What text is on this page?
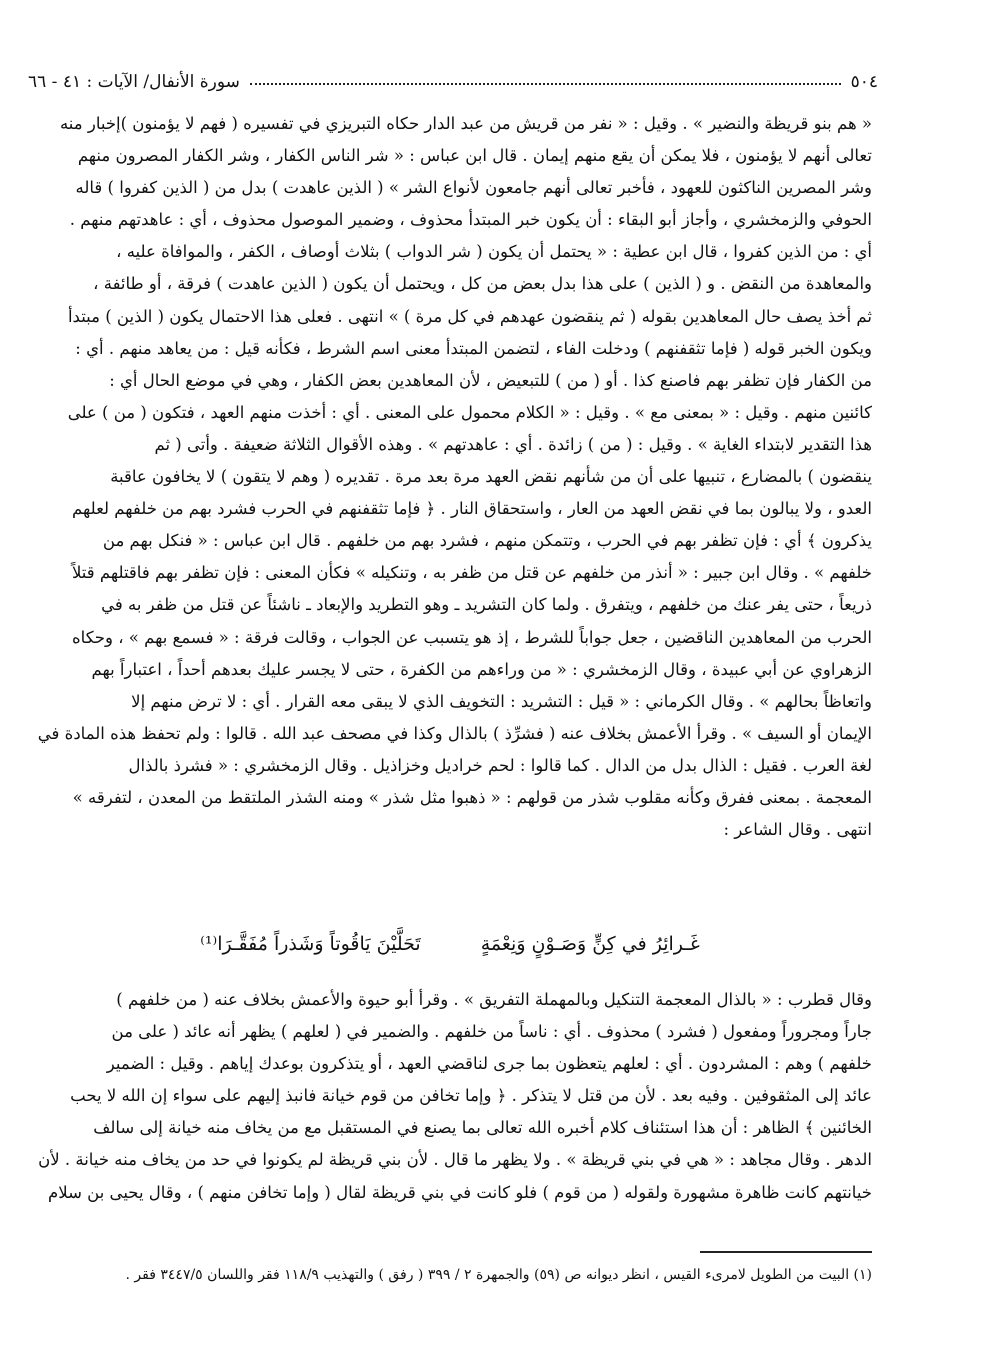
٥٠٤
سورة الأنفال/ الآيات : ٤١ - ٦٦
« هم بنو قريظة والنضير » . وقيل : « نفر من قريش من عبد الدار حكاه التبريزي في تفسيره ( فهم لا يؤمنون )إخبار منه
تعالى أنهم لا يؤمنون ، فلا يمكن أن يقع منهم إيمان . قال ابن عباس : « شر الناس الكفار ، وشر الكفار المصرون منهم
وشر المصرين الناكثون للعهود ، فأخبر تعالى أنهم جامعون لأنواع الشر » ( الذين عاهدت ) بدل من ( الذين كفروا ) قاله
الحوفي والزمخشري ، وأجاز أبو البقاء : أن يكون خبر المبتدأ محذوف ، وضمير الموصول محذوف ، أي : عاهدتهم منهم .
أي : من الذين كفروا ، قال ابن عطية : « يحتمل أن يكون ( شر الدواب ) بثلاث أوصاف ، الكفر ، والموافاة عليه ،
والمعاهدة من النقض . و ( الذين ) على هذا بدل بعض من كل ، ويحتمل أن يكون ( الذين عاهدت ) فرقة ، أو طائفة ،
ثم أخذ يصف حال المعاهدين بقوله ( ثم ينقضون عهدهم في كل مرة ) » انتهى . فعلى هذا الاحتمال يكون ( الذين ) مبتدأ
ويكون الخبر قوله ( فإما تثقفنهم ) ودخلت الفاء ، لتضمن المبتدأ معنى اسم الشرط ، فكأنه قيل : من يعاهد منهم . أي :
من الكفار فإن تظفر بهم فاصنع كذا . أو ( من ) للتبعيض ، لأن المعاهدين بعض الكفار ، وهي في موضع الحال أي :
كائنين منهم . وقيل : « بمعنى مع » . وقيل : « الكلام محمول على المعنى . أي : أخذت منهم العهد ، فتكون ( من ) على
هذا التقدير لابتداء الغاية » . وقيل : ( من ) زائدة . أي : عاهدتهم » . وهذه الأقوال الثلاثة ضعيفة . وأتى ( ثم
ينقضون ) بالمضارع ، تنبيها على أن من شأنهم نقض العهد مرة بعد مرة . تقديره ( وهم لا يتقون ) لا يخافون عاقبة
العدو ، ولا يبالون بما في نقض العهد من العار ، واستحقاق النار . ﴿ فإما تثقفنهم في الحرب فشرد بهم من خلفهم لعلهم
يذكرون ﴾ أي : فإن تظفر بهم في الحرب ، وتتمكن منهم ، فشرد بهم من خلفهم . قال ابن عباس : « فنكل بهم من
خلفهم » . وقال ابن جبير : « أنذر من خلفهم عن قتل من ظفر به ، وتنكيله » فكأن المعنى : فإن تظفر بهم فاقتلهم قتلاً
ذريعاً ، حتى يفر عنك من خلفهم ، ويتفرق . ولما كان التشريد ـ وهو التطريد والإبعاد ـ ناشئاً عن قتل من ظفر به في
الحرب من المعاهدين الناقضين ، جعل جواباً للشرط ، إذ هو يتسبب عن الجواب ، وقالت فرقة : « فسمع بهم » ، وحكاه
الزهراوي عن أبي عبيدة ، وقال الزمخشري : « من وراءهم من الكفرة ، حتى لا يجسر عليك بعدهم أحداً ، اعتباراً بهم
واتعاظاً بحالهم » . وقال الكرماني : « قيل : التشريد : التخويف الذي لا يبقى معه القرار . أي : لا ترض منهم إلا
الإيمان أو السيف » . وقرأ الأعمش بخلاف عنه ( فشرِّذ ) بالذال وكذا في مصحف عبد الله . قالوا : ولم تحفظ هذه المادة في
لغة العرب . فقيل : الذال بدل من الدال . كما قالوا : لحم خراديل وخزاذيل . وقال الزمخشري : « فشرذ بالذال
المعجمة . بمعنى ففرق وكأنه مقلوب شذر من قولهم : « ذهبوا مثل شذر » ومنه الشذر الملتقط من المعدن ، لتفرقه »
انتهى . وقال الشاعر :
غَـرائِرُ في كِنٍّ وَصَـوْنٍ وَنِعْمَةٍ
تَحَلَّيْنَ يَاقُوتاً وَشَذراً مُفَقَّـرَا⁽¹⁾
وقال قطرب : « بالذال المعجمة التنكيل وبالمهملة التفريق » . وقرأ أبو حيوة والأعمش بخلاف عنه ( من خلفهم )
جاراً ومجروراً ومفعول ( فشرد ) محذوف . أي : ناساً من خلفهم . والضمير في ( لعلهم ) يظهر أنه عائد ( على من
خلفهم ) وهم : المشردون . أي : لعلهم يتعظون بما جرى لناقضي العهد ، أو يتذكرون بوعدك إياهم . وقيل : الضمير
عائد إلى المثقوفين . وفيه بعد . لأن من قتل لا يتذكر . ﴿ وإما تخافن من قوم خيانة فانبذ إليهم على سواء إن الله لا يحب
الخائنين ﴾ الظاهر : أن هذا استئناف كلام أخبره الله تعالى بما يصنع في المستقبل مع من يخاف منه خيانة إلى سالف
الدهر . وقال مجاهد : « هي في بني قريظة » . ولا يظهر ما قال . لأن بني قريظة لم يكونوا في حد من يخاف منه خيانة . لأن
خيانتهم كانت ظاهرة مشهورة ولقوله ( من قوم ) فلو كانت في بني قريظة لقال ( وإما تخافن منهم ) ، وقال يحيى بن سلام
(١) البيت من الطويل لامرىء القيس ، انظر ديوانه ص (٥٩) والجمهرة ٢ / ٣٩٩ ( رفق ) والتهذيب ١١٨/٩ فقر واللسان ٣٤٤٧/٥ فقر .
